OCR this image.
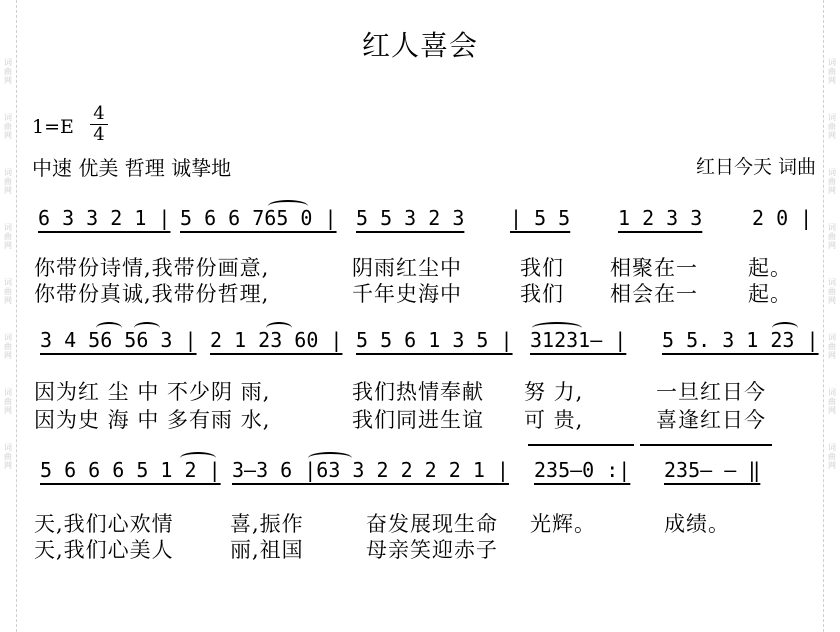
词
曲
网
词
曲
网
词
曲
网
词
曲
网
词
曲
网
词
曲
网
词
曲
网
词
曲
网
词
曲
网
词
曲
网
词
曲
网
词
曲
网
词
曲
网
词
曲
网
词
曲
网
词
曲
网
红人喜会
1=E
4
4
中速 优美 哲理 诚挚地	红日今天 词曲
6 3 3 2 1 | 5 6 6 765 0 | 5 5 3 2 3 | 5 5 1 2 3 3 2 0 |
你带份诗情,我带份画意,	阴雨红尘中	我们 相聚在一 起。
你带份真诚,我带份哲理,	千年史海中	我们 相会在一 起。
3 4 56 56 3 | 2 1 23 60 | 5 5 6 1 3 5 | 31231— | 5 5. 3 1 23 |
因为红 尘 中 不少阴 雨,	我们热情奉献 努 力,	一旦红日今
因为史 海 中 多有雨 水,	我们同进生谊 可 贵,	喜逢红日今
5 6 6 6 5 1 2 | 3—3 6 |63 3 2 2 2 2 1 | 235—0 :| 235— — ‖
天,我们心欢情	喜,振作	奋发展现生命 光辉。	成绩。
天,我们心美人	丽,祖国	母亲笑迎赤子
